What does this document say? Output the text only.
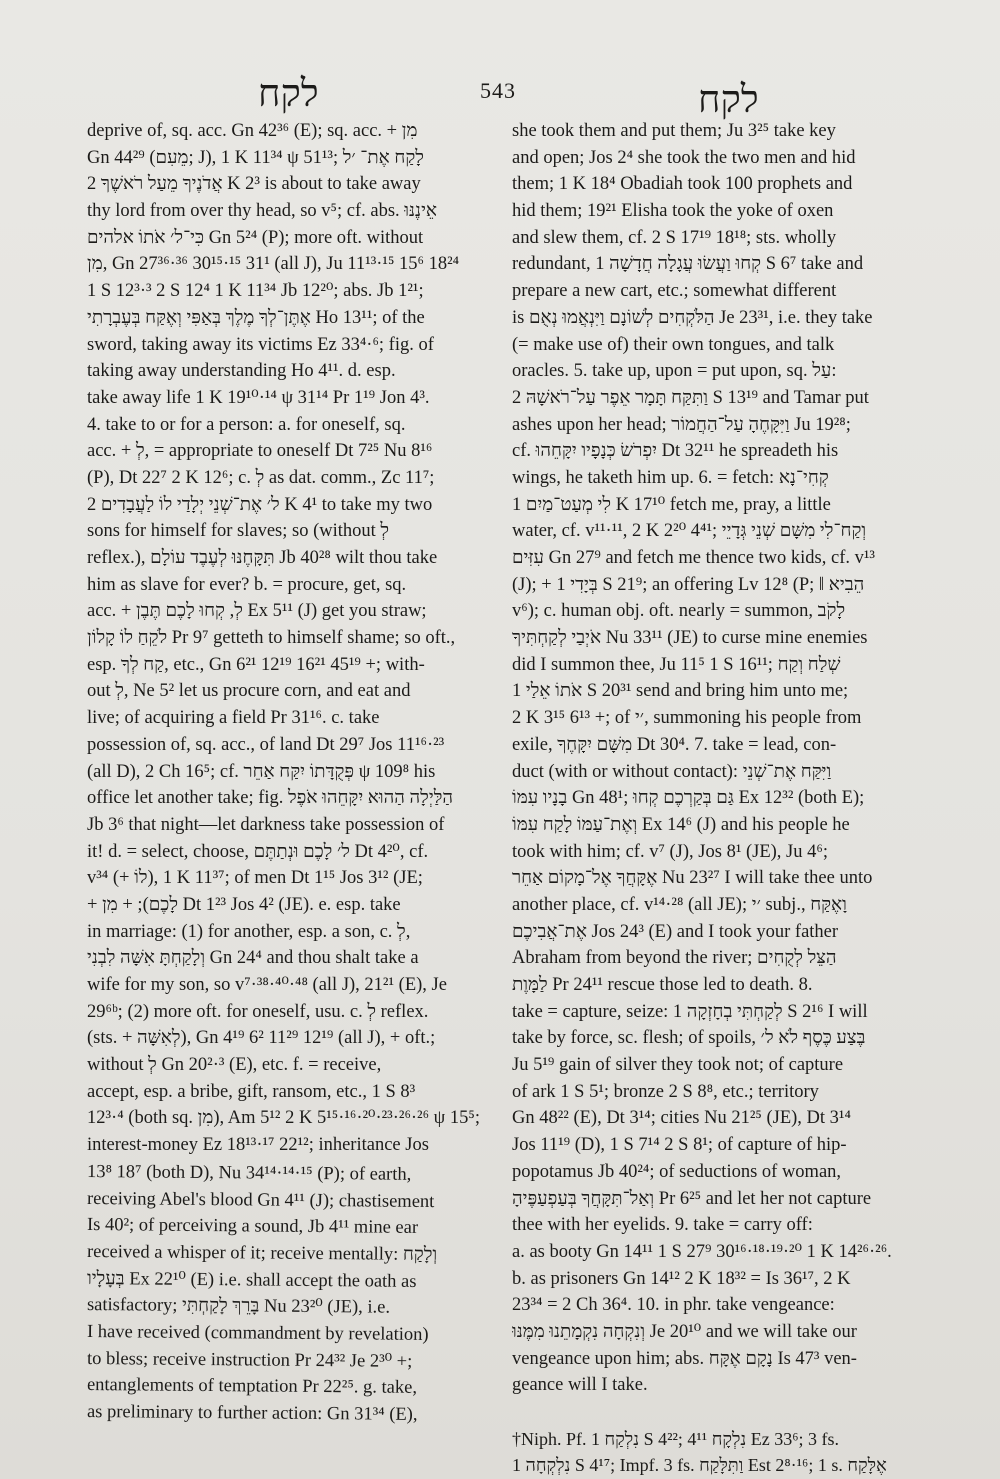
לקח	543	לקח
deprive of, sq. acc. Gn 42³⁶ (E); sq. acc. + מִן
Gn 44²⁹ (מֵעִם; J), 1 K 11³⁴ ψ 51¹³; לָקַח אֶת־ ׳ל
אֲדֹנֶיךָ מֵעַל רֹאשֶׁךָ 2 K 2³ is about to take away
thy lord from over thy head, so v⁵; cf. abs. אֵינֶנּוּ
כִּי־ל׳ אֹתוֹ אלהים Gn 5²⁴ (P); more oft. without
מִן, Gn 27³⁶·³⁶ 30¹⁵·¹⁵ 31¹ (all J), Ju 11¹³·¹⁵ 15⁶ 18²⁴
1 S 12³·³ 2 S 12⁴ 1 K 11³⁴ Jb 12²⁰; abs. Jb 1²¹;
אֶתֶּן־לְךָ מֶלֶךְ בְּאַפִּי וְאֶקַּח בְּעֶבְרָתִי Ho 13¹¹; of the
sword, taking away its victims Ez 33⁴·⁶; fig. of
taking away understanding Ho 4¹¹. d. esp.
take away life 1 K 19¹⁰·¹⁴ ψ 31¹⁴ Pr 1¹⁹ Jon 4³.
4. take to or for a person: a. for oneself, sq.
acc. + לְ, = appropriate to oneself Dt 7²⁵ Nu 8¹⁶
(P), Dt 22⁷ 2 K 12⁶; c. לְ as dat. comm., Zc 11⁷;
ל׳ אֶת־שְׁנֵי יְלָדַי לוֹ לַעֲבָדִים 2 K 4¹ to take my two
sons for himself for slaves; so (without לְ
reflex.), תִּקָּחֶנּוּ לְעֶבֶד עוֹלָם Jb 40²⁸ wilt thou take
him as slave for ever? b. = procure, get, sq.
acc. + לְ, קְחוּ לָכֶם תֶּבֶן Ex 5¹¹ (J) get you straw;
לֹקֵחַ לוֹ קָלוֹן Pr 9⁷ getteth to himself shame; so oft.,
esp. קַח לְךָ, etc., Gn 6²¹ 12¹⁹ 16²¹ 45¹⁹ +; with-
out לְ, Ne 5² let us procure corn, and eat and
live; of acquiring a field Pr 31¹⁶. c. take
possession of, sq. acc., of land Dt 29⁷ Jos 11¹⁶·²³
(all D), 2 Ch 16⁵; cf. פְּקֻדָּתוֹ יִקַּח אַחֵר ψ 109⁸ his
office let another take; fig. הַלַּיְלָה הַהוּא יִקָּחֵהוּ אֹפֶל
Jb 3⁶ that night—let darkness take possession of
it! d. = select, choose, ל׳ לָכֶם וּנְתַתֶּם Dt 4²⁰, cf.
v³⁴ (+ לוֹ), 1 K 11³⁷; of men Dt 1¹⁵ Jos 3¹² (JE;
+ לָכֶם); + מִן Dt 1²³ Jos 4² (JE). e. esp. take
in marriage: (1) for another, esp. a son, c. לְ,
וְלָקַחְתָּ אִשָּׁה לִבְנִי Gn 24⁴ and thou shalt take a
wife for my son, so v⁷·³⁸·⁴⁰·⁴⁸ (all J), 21²¹ (E), Je
29⁶ᵇ; (2) more oft. for oneself, usu. c. לְ reflex.
(sts. + לְאִשָּׁה), Gn 4¹⁹ 6² 11²⁹ 12¹⁹ (all J), + oft.;
without לְ Gn 20²·³ (E), etc. f. = receive,
accept, esp. a bribe, gift, ransom, etc., 1 S 8³
12³·⁴ (both sq. מִן), Am 5¹² 2 K 5¹⁵·¹⁶·²⁰·²³·²⁶·²⁶ ψ 15⁵;
interest-money Ez 18¹³·¹⁷ 22¹²; inheritance Jos
13⁸ 18⁷ (both D), Nu 34¹⁴·¹⁴·¹⁵ (P); of earth,
receiving Abel's blood Gn 4¹¹ (J); chastisement
Is 40²; of perceiving a sound, Jb 4¹¹ mine ear
received a whisper of it; receive mentally: וְלָקַח
בְּעָלָיו Ex 22¹⁰ (E) i.e. shall accept the oath as
satisfactory; בָּרֵךְ לָקַחְתִּי Nu 23²⁰ (JE), i.e.
I have received (commandment by revelation)
to bless; receive instruction Pr 24³² Je 2³⁰ +;
entanglements of temptation Pr 22²⁵. g. take,
as preliminary to further action: Gn 31³⁴ (E),
she took them and put them; Ju 3²⁵ take key
and open; Jos 2⁴ she took the two men and hid
them; 1 K 18⁴ Obadiah took 100 prophets and
hid them; 19²¹ Elisha took the yoke of oxen
and slew them, cf. 2 S 17¹⁹ 18¹⁸; sts. wholly
redundant, קְחוּ וַעֲשׂוּ עֲגָלָה חֲדָשָׁה 1 S 6⁷ take and
prepare a new cart, etc.; somewhat different
is הַלֹּקְחִים לְשׁוֹנָם וַיִּנְאֲמוּ נְאֻם Je 23³¹, i.e. they take
(= make use of) their own tongues, and talk
oracles. 5. take up, upon = put upon, sq. עַל:
וַתִּקַּח תָּמָר אֵפֶר עַל־רֹאשָׁהּ 2 S 13¹⁹ and Tamar put
ashes upon her head; וַיִּקָּחֶהָ עַל־הַחֲמוֹר Ju 19²⁸;
cf. יִפְרֹשׂ כְּנָפָיו יִקָּחֵהוּ Dt 32¹¹ he spreadeth his
wings, he taketh him up. 6. = fetch: קְחִי־נָא
לִי מְעַט־מַיִם 1 K 17¹⁰ fetch me, pray, a little
water, cf. v¹¹·¹¹, 2 K 2²⁰ 4⁴¹; וְקַח־לִי מִשָּׁם שְׁנֵי גְּדָיֵי
עִזִּים Gn 27⁹ and fetch me thence two kids, cf. v¹³
(J); + בְּיָדִי 1 S 21⁹; an offering Lv 12⁸ (P; ‖ הֵבִיא
v⁶); c. human obj. oft. nearly = summon, לָקֹב
אֹיְבַי לְקַחְתִּיךָ Nu 33¹¹ (JE) to curse mine enemies
did I summon thee, Ju 11⁵ 1 S 16¹¹; שְׁלַח וְקַח
אֹתוֹ אֵלַי 1 S 20³¹ send and bring him unto me;
2 K 3¹⁵ 6¹³ +; of ׳י, summoning his people from
exile, מִשָּׁם יִקָּחֶךָ Dt 30⁴. 7. take = lead, con-
duct (with or without contact): וַיִּקַּח אֶת־שְׁנֵי
בָנָיו עִמּוֹ Gn 48¹; גַּם בְּקַרְכֶם קְחוּ Ex 12³² (both E);
וְאֶת־עַמּוֹ לָקַח עִמּוֹ Ex 14⁶ (J) and his people he
took with him; cf. v⁷ (J), Jos 8¹ (JE), Ju 4⁶;
אֶקָּחֲךָ אֶל־מָקוֹם אַחֵר Nu 23²⁷ I will take thee unto
another place, cf. v¹⁴·²⁸ (all JE); ׳י subj., וָאֶקַּח
אֶת־אֲבִיכֶם Jos 24³ (E) and I took your father
Abraham from beyond the river; הַצֵּל לְקֻחִים
לַמָּוֶת Pr 24¹¹ rescue those led to death. 8.
take = capture, seize: לְקַחְתִּי בְחָזְקָה 1 S 2¹⁶ I will
take by force, sc. flesh; of spoils, בֶּצַע כֶּסֶף לֹא ל׳
Ju 5¹⁹ gain of silver they took not; of capture
of ark 1 S 5¹; bronze 2 S 8⁸, etc.; territory
Gn 48²² (E), Dt 3¹⁴; cities Nu 21²⁵ (JE), Dt 3¹⁴
Jos 11¹⁹ (D), 1 S 7¹⁴ 2 S 8¹; of capture of hip-
popotamus Jb 40²⁴; of seductions of woman,
וְאַל־תִּקָּחֲךָ בְּעַפְעַפֶּיהָ Pr 6²⁵ and let her not capture
thee with her eyelids. 9. take = carry off:
a. as booty Gn 14¹¹ 1 S 27⁹ 30¹⁶·¹⁸·¹⁹·²⁰ 1 K 14²⁶·²⁶.
b. as prisoners Gn 14¹² 2 K 18³² = Is 36¹⁷, 2 K
23³⁴ = 2 Ch 36⁴. 10. in phr. take vengeance:
וְנִקְחָה נִקְמָתֵנוּ מִמֶּנּוּ Je 20¹⁰ and we will take our
vengeance upon him; abs. נָקָם אֶקָּח Is 47³ ven-
geance will I take.
†Niph. Pf. נִלְקַח 1 S 4²²; נִלְקָח 4¹¹ Ez 33⁶; 3 fs.
נִלְקְחָה 1 S 4¹⁷; Impf. 3 fs. וַתִּלָּקַח Est 2⁸·¹⁶; 1 s. אֶלָּקַח
